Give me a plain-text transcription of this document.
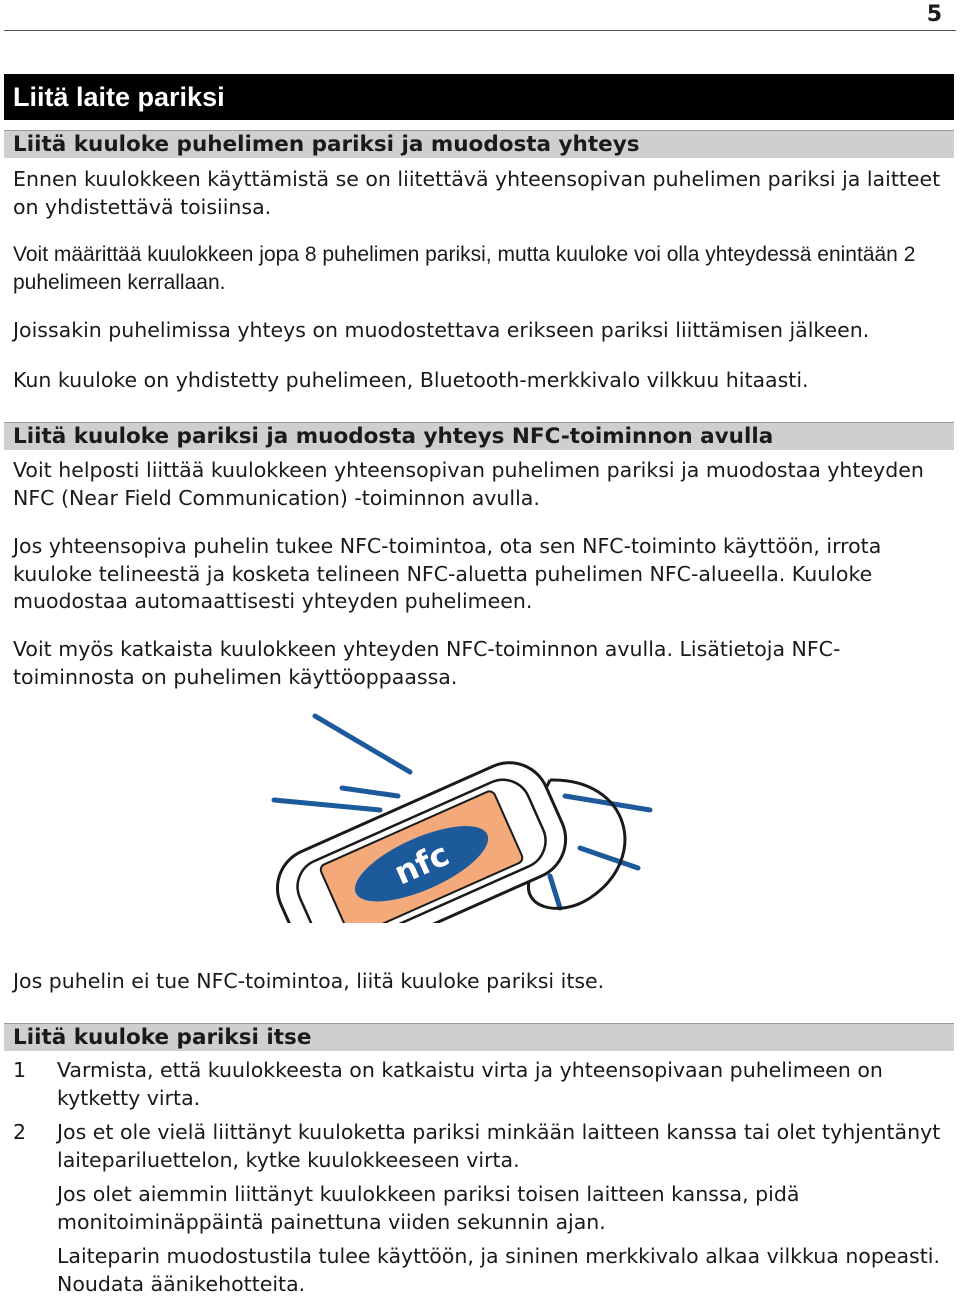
5
Liitä laite pariksi
Liitä kuuloke puhelimen pariksi ja muodosta yhteys

Ennen kuulokkeen käyttämistä se on liitettävä yhteensopivan puhelimen pariksi ja laitteet on yhdistettävä toisiinsa.

Voit määrittää kuulokkeen jopa 8 puhelimen pariksi, mutta kuuloke voi olla yhteydessä enintään 2 puhelimeen kerrallaan.

Joissakin puhelimissa yhteys on muodostettava erikseen pariksi liittämisen jälkeen.

Kun kuuloke on yhdistetty puhelimeen, Bluetooth-merkkivalo vilkkuu hitaasti.

Liitä kuuloke pariksi ja muodosta yhteys NFC-toiminnon avulla

Voit helposti liittää kuulokkeen yhteensopivan puhelimen pariksi ja muodostaa yhteyden NFC (Near Field Communication) -toiminnon avulla.

Jos yhteensopiva puhelin tukee NFC-toimintoa, ota sen NFC-toiminto käyttöön, irrota kuuloke telineestä ja kosketa telineen NFC-aluetta puhelimen NFC-alueella. Kuuloke muodostaa automaattisesti yhteyden puhelimeen.

Voit myös katkaista kuulokkeen yhteyden NFC-toiminnon avulla. Lisätietoja NFC-toiminnosta on puhelimen käyttöoppaassa.

nfc

Jos puhelin ei tue NFC-toimintoa, liitä kuuloke pariksi itse.

Liitä kuuloke pariksi itse
1	Varmista, että kuulokkeesta on katkaistu virta ja yhteensopivaan puhelimeen on kytketty virta.
2	Jos et ole vielä liittänyt kuuloketta pariksi minkään laitteen kanssa tai olet tyhjentänyt laitepariluettelon, kytke kuulokkeeseen virta.

Jos olet aiemmin liittänyt kuulokkeen pariksi toisen laitteen kanssa, pidä monitoiminäppäintä painettuna viiden sekunnin ajan.

Laiteparin muodostustila tulee käyttöön, ja sininen merkkivalo alkaa vilkkua nopeasti. Noudata äänikehotteita.
